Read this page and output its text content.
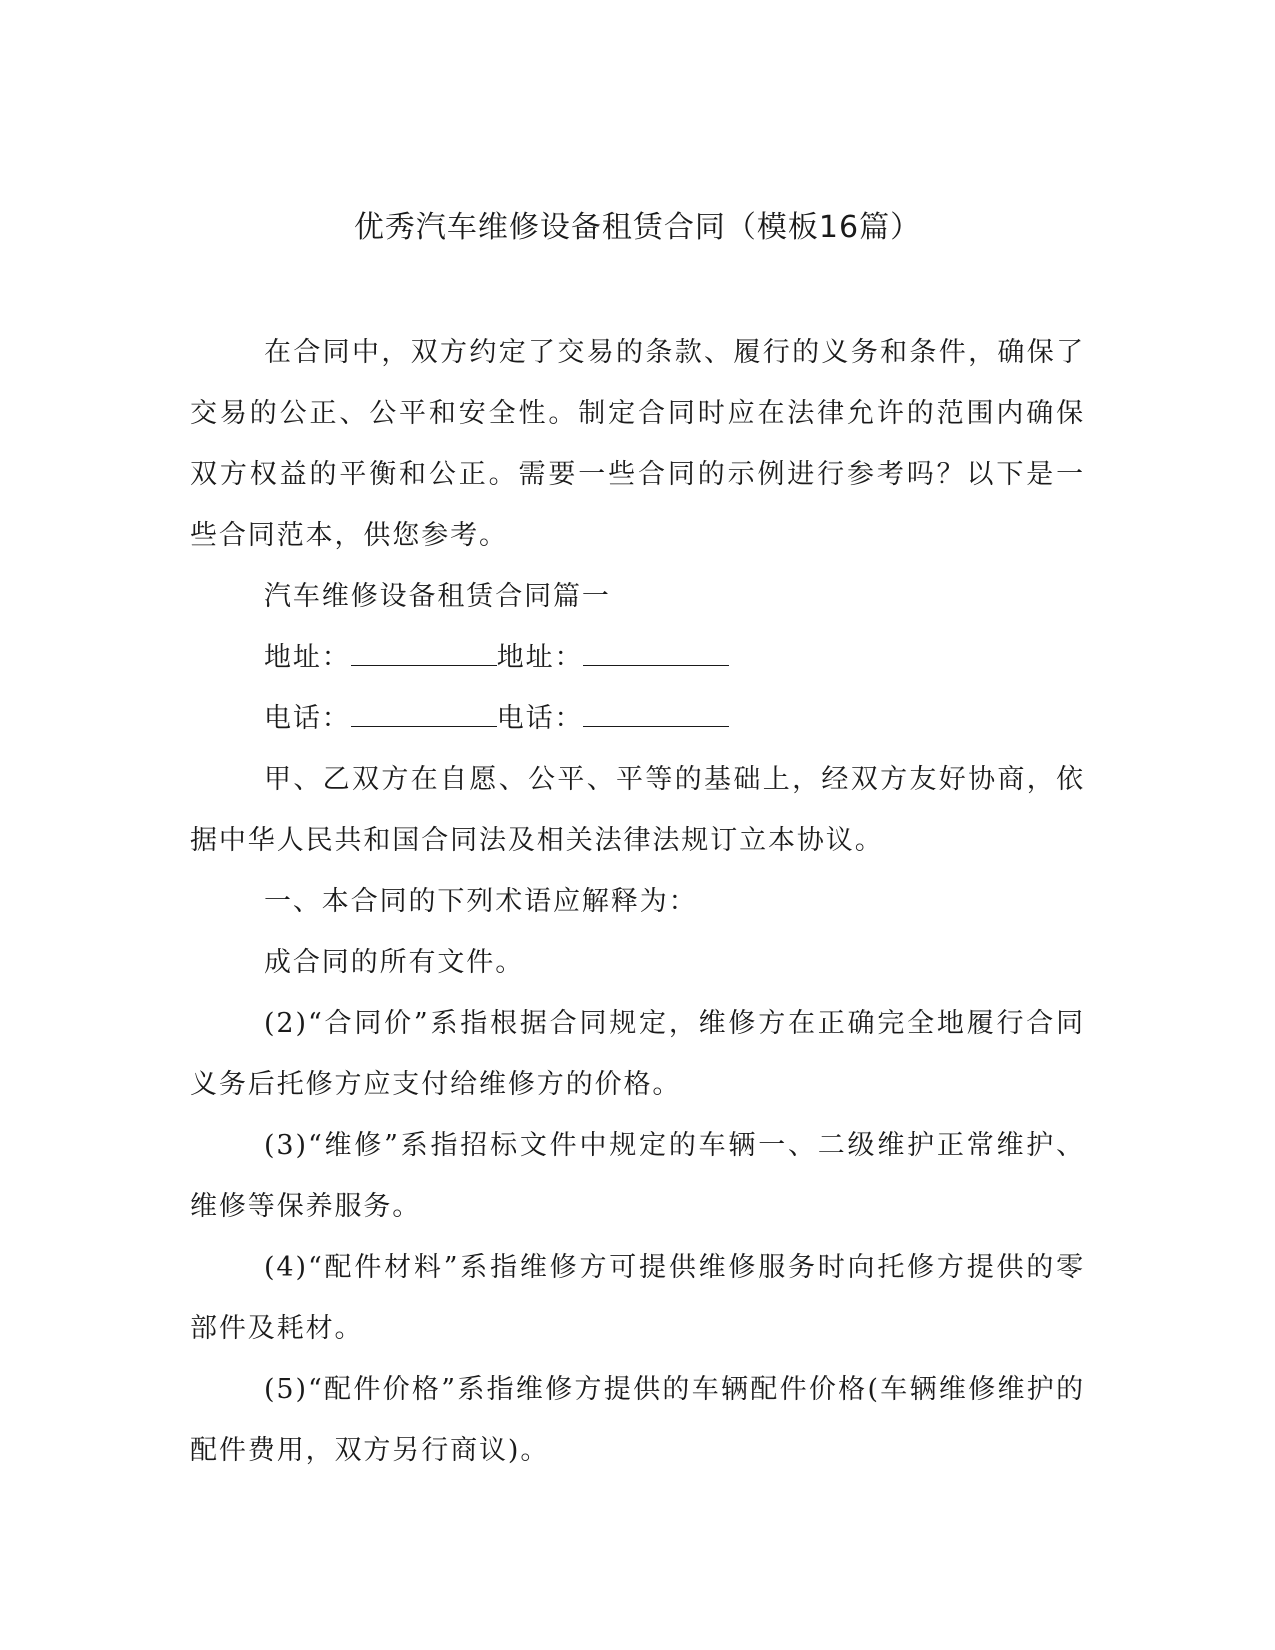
优秀汽车维修设备租赁合同（模板16篇）

在合同中，双方约定了交易的条款、履行的义务和条件，确保了交易的公正、公平和安全性。制定合同时应在法律允许的范围内确保双方权益的平衡和公正。需要一些合同的示例进行参考吗？以下是一些合同范本，供您参考。

汽车维修设备租赁合同篇一

地址：	地址：

电话：	电话：

甲、乙双方在自愿、公平、平等的基础上，经双方友好协商，依据中华人民共和国合同法及相关法律法规订立本协议。

一、本合同的下列术语应解释为：

成合同的所有文件。

(2)“合同价”系指根据合同规定，维修方在正确完全地履行合同义务后托修方应支付给维修方的价格。

(3)“维修”系指招标文件中规定的车辆一、二级维护正常维护、维修等保养服务。

(4)“配件材料”系指维修方可提供维修服务时向托修方提供的零部件及耗材。

(5)“配件价格”系指维修方提供的车辆配件价格(车辆维修维护的配件费用，双方另行商议)。
